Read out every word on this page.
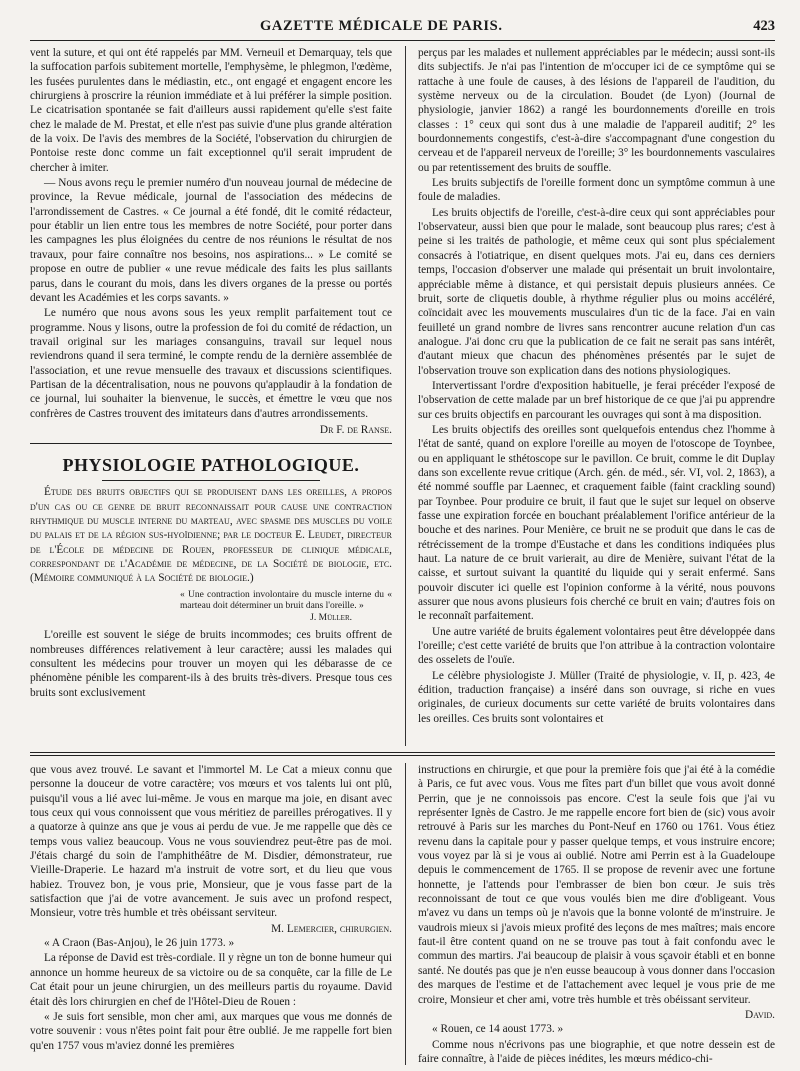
GAZETTE MÉDICALE DE PARIS.	423

vent la suture, et qui ont été rappelés par MM. Verneuil et Demarquay, tels que la suffocation parfois subitement mortelle, l'emphysème, le phlegmon, l'œdème, les fusées purulentes dans le médiastin, etc., ont engagé et engagent encore les chirurgiens à proscrire la réunion immédiate et à lui préférer la simple position. Le cicatrisation spontanée se fait d'ailleurs aussi rapidement qu'elle s'est faite chez le malade de M. Prestat, et elle n'est pas suivie d'une plus grande altération de la voix. De l'avis des membres de la Société, l'observation du chirurgien de Pontoise reste donc comme un fait exceptionnel qu'il serait imprudent de chercher à imiter.

— Nous avons reçu le premier numéro d'un nouveau journal de médecine de province, la Revue médicale, journal de l'association des médecins de l'arrondissement de Castres. « Ce journal a été fondé, dit le comité rédacteur, pour établir un lien entre tous les membres de notre Société, pour porter dans les campagnes les plus éloignées du centre de nos réunions le résultat de nos travaux, pour faire connaître nos besoins, nos aspirations... » Le comité se propose en outre de publier « une revue médicale des faits les plus saillants parus, dans le courant du mois, dans les divers organes de la presse ou portés devant les Académies et les corps savants. »

Le numéro que nous avons sous les yeux remplit parfaitement tout ce programme. Nous y lisons, outre la profession de foi du comité de rédaction, un travail original sur les mariages consanguins, travail sur lequel nous reviendrons quand il sera terminé, le compte rendu de la dernière assemblée de l'association, et une revue mensuelle des travaux et discussions scientifiques. Partisan de la décentralisation, nous ne pouvons qu'applaudir à la fondation de ce journal, lui souhaiter la bienvenue, le succès, et émettre le vœu que nos confrères de Castres trouvent des imitateurs dans d'autres arrondissements.

Dr F. de Ranse.
PHYSIOLOGIE PATHOLOGIQUE.

Étude des bruits objectifs qui se produisent dans les oreilles, a propos d'un cas ou ce genre de bruit reconnaissait pour cause une contraction rhythmique du muscle interne du marteau, avec spasme des muscles du voile du palais et de la région sus-hyoïdienne; par le docteur E. Leudet, directeur de l'École de médecine de Rouen, professeur de clinique médicale, correspondant de l'Académie de médecine, de la Société de biologie, etc. (Mémoire communiqué à la Société de biologie.)

« Une contraction involontaire du muscle interne du « marteau doit déterminer un bruit dans l'oreille. »
J. Müller.

L'oreille est souvent le siége de bruits incommodes; ces bruits offrent de nombreuses différences relativement à leur caractère; aussi les malades qui consultent les médecins pour trouver un moyen qui les débarasse de ce phénomène pénible les comparent-ils à des bruits très-divers. Presque tous ces bruits sont exclusivement

perçus par les malades et nullement appréciables par le médecin; aussi sont-ils dits subjectifs. Je n'ai pas l'intention de m'occuper ici de ce symptôme qui se rattache à une foule de causes, à des lésions de l'appareil de l'audition, du système nerveux ou de la circulation. Boudet (de Lyon) (Journal de physiologie, janvier 1862) a rangé les bourdonnements d'oreille en trois classes : 1° ceux qui sont dus à une maladie de l'appareil auditif; 2° les bourdonnements congestifs, c'est-à-dire s'accompagnant d'une congestion du cerveau et de l'appareil nerveux de l'oreille; 3° les bourdonnements vasculaires ou par retentissement des bruits de souffle.

Les bruits subjectifs de l'oreille forment donc un symptôme commun à une foule de maladies.

Les bruits objectifs de l'oreille, c'est-à-dire ceux qui sont appréciables pour l'observateur, aussi bien que pour le malade, sont beaucoup plus rares; c'est à peine si les traités de pathologie, et même ceux qui sont plus spécialement consacrés à l'otiatrique, en disent quelques mots. J'ai eu, dans ces derniers temps, l'occasion d'observer une malade qui présentait un bruit involontaire, appréciable même à distance, et qui persistait depuis plusieurs années. Ce bruit, sorte de cliquetis double, à rhythme régulier plus ou moins accéléré, coïncidait avec les mouvements musculaires d'un tic de la face. J'ai en vain feuilleté un grand nombre de livres sans rencontrer aucune relation d'un cas analogue. J'ai donc cru que la publication de ce fait ne serait pas sans intérêt, d'autant mieux que chacun des phénomènes présentés par le sujet de l'observation trouve son explication dans des notions physiologiques.

Intervertissant l'ordre d'exposition habituelle, je ferai précéder l'exposé de l'observation de cette malade par un bref historique de ce que j'ai pu apprendre sur ces bruits objectifs en parcourant les ouvrages qui sont à ma disposition.

Les bruits objectifs des oreilles sont quelquefois entendus chez l'homme à l'état de santé, quand on explore l'oreille au moyen de l'otoscope de Toynbee, ou en appliquant le sthétoscope sur le pavillon. Ce bruit, comme le dit Duplay dans son excellente revue critique (Arch. gén. de méd., sér. VI, vol. 2, 1863), a été nommé souffle par Laennec, et craquement faible (faint crackling sound) par Toynbee. Pour produire ce bruit, il faut que le sujet sur lequel on observe fasse une expiration forcée en bouchant préalablement l'orifice antérieur de la bouche et des narines. Pour Menière, ce bruit ne se produit que dans le cas de rétrécissement de la trompe d'Eustache et dans les conditions indiquées plus haut. La nature de ce bruit varierait, au dire de Menière, suivant l'état de la caisse, et surtout suivant la quantité du liquide qui y serait enfermé. Sans pouvoir discuter ici quelle est l'opinion conforme à la vérité, nous pouvons assurer que nous avons plusieurs fois cherché ce bruit en vain; d'autres fois on le reconnaît parfaitement.

Une autre variété de bruits également volontaires peut être développée dans l'oreille; c'est cette variété de bruits que l'on attribue à la contraction volontaire des osselets de l'ouïe.

Le célèbre physiologiste J. Müller (Traité de physiologie, v. II, p. 423, 4e édition, traduction française) a inséré dans son ouvrage, si riche en vues originales, de curieux documents sur cette variété de bruits volontaires dans les oreilles. Ces bruits sont volontaires et

que vous avez trouvé. Le savant et l'immortel M. Le Cat a mieux connu que personne la douceur de votre caractère; vos mœurs et vos talents lui ont plû, puisqu'il vous a lié avec lui-même. Je vous en marque ma joie, en disant avec tous ceux qui vous connoissent que vous méritiez de pareilles prérogatives. Il y a quatorze à quinze ans que je vous ai perdu de vue. Je me rappelle que dès ce temps vous valiez beaucoup. Vous ne vous souviendrez peut-être pas de moi. J'étais chargé du soin de l'amphithéâtre de M. Disdier, démonstrateur, rue Vieille-Draperie. Le hazard m'a instruit de votre sort, et du lieu que vous habiez. Trouvez bon, je vous prie, Monsieur, que je vous fasse part de la satisfaction que j'ai de votre avancement. Je suis avec un profond respect, Monsieur, votre très humble et très obéissant serviteur.

M. Lemercier, chirurgien.

« A Craon (Bas-Anjou), le 26 juin 1773. »

La réponse de David est très-cordiale. Il y règne un ton de bonne humeur qui annonce un homme heureux de sa victoire ou de sa conquête, car la fille de Le Cat était pour un jeune chirurgien, un des meilleurs partis du royaume. David était dès lors chirurgien en chef de l'Hôtel-Dieu de Rouen :

« Je suis fort sensible, mon cher ami, aux marques que vous me donnés de votre souvenir : vous n'êtes point fait pour être oublié. Je me rappelle fort bien qu'en 1757 vous m'aviez donné les premières

instructions en chirurgie, et que pour la première fois que j'ai été à la comédie à Paris, ce fut avec vous. Vous me fîtes part d'un billet que vous avoit donné Perrin, que je ne connoissois pas encore. C'est la seule fois que j'ai vu représenter Ignès de Castro. Je me rappelle encore fort bien de (sic) vous avoir retrouvé à Paris sur les marches du Pont-Neuf en 1760 ou 1761. Vous étiez revenu dans la capitale pour y passer quelque temps, et vous instruire encore; vous voyez par là si je vous ai oublié. Notre ami Perrin est à la Guadeloupe depuis le commencement de 1765. Il se propose de revenir avec une fortune honnette, je l'attends pour l'embrasser de bien bon cœur. Je suis très reconnoissant de tout ce que vous voulés bien me dire d'obligeant. Vous m'avez vu dans un temps où je n'avois que la bonne volonté de m'instruire. Je vaudrois mieux si j'avois mieux profité des leçons de mes maîtres; mais encore faut-il être content quand on ne se trouve pas tout à fait confondu avec le commun des martirs. J'ai beaucoup de plaisir à vous sçavoir établi et en bonne santé. Ne doutés pas que je n'en eusse beaucoup à vous donner dans l'occasion des marques de l'estime et de l'attachement avec lequel je vous prie de me croire, Monsieur et cher ami, votre très humble et très obéissant serviteur.

David.

« Rouen, ce 14 aoust 1773. »

Comme nous n'écrivons pas une biographie, et que notre dessein est de faire connaître, à l'aide de pièces inédites, les mœurs médico-chi-
